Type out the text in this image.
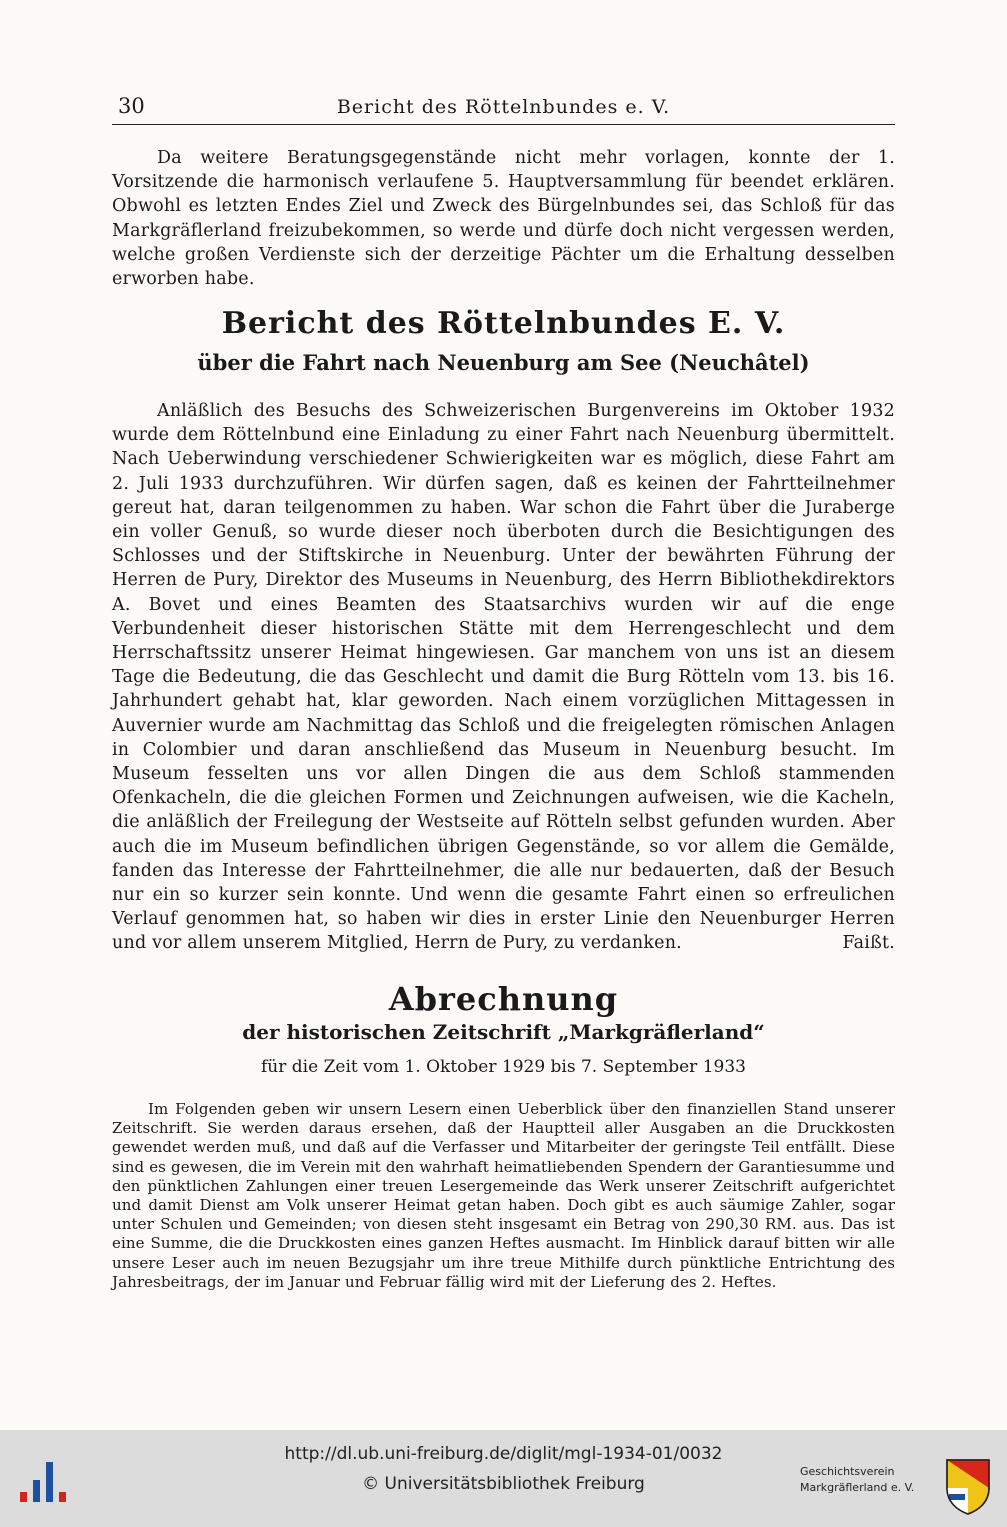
30	Bericht des Röttelnbundes e. V.

Da weitere Beratungsgegenstände nicht mehr vorlagen, konnte der 1. Vorsitzende die harmonisch verlaufene 5. Hauptversammlung für beendet erklären. Obwohl es letzten Endes Ziel und Zweck des Bürgelnbundes sei, das Schloß für das Markgräflerland freizubekommen, so werde und dürfe doch nicht vergessen werden, welche großen Verdienste sich der derzeitige Pächter um die Erhaltung desselben erworben habe.

Bericht des Röttelnbundes E. V.
über die Fahrt nach Neuenburg am See (Neuchâtel)

Anläßlich des Besuchs des Schweizerischen Burgenvereins im Oktober 1932 wurde dem Röttelnbund eine Einladung zu einer Fahrt nach Neuenburg übermittelt. Nach Ueberwindung verschiedener Schwierigkeiten war es möglich, diese Fahrt am 2. Juli 1933 durchzuführen. Wir dürfen sagen, daß es keinen der Fahrtteilnehmer gereut hat, daran teilgenommen zu haben. War schon die Fahrt über die Juraberge ein voller Genuß, so wurde dieser noch überboten durch die Besichtigungen des Schlosses und der Stiftskirche in Neuenburg. Unter der bewährten Führung der Herren de Pury, Direktor des Museums in Neuenburg, des Herrn Bibliothekdirektors A. Bovet und eines Beamten des Staatsarchivs wurden wir auf die enge Verbundenheit dieser historischen Stätte mit dem Herrengeschlecht und dem Herrschaftssitz unserer Heimat hingewiesen. Gar manchem von uns ist an diesem Tage die Bedeutung, die das Geschlecht und damit die Burg Rötteln vom 13. bis 16. Jahrhundert gehabt hat, klar geworden. Nach einem vorzüglichen Mittagessen in Auvernier wurde am Nachmittag das Schloß und die freigelegten römischen Anlagen in Colombier und daran anschließend das Museum in Neuenburg besucht. Im Museum fesselten uns vor allen Dingen die aus dem Schloß stammenden Ofenkacheln, die die gleichen Formen und Zeichnungen aufweisen, wie die Kacheln, die anläßlich der Freilegung der Westseite auf Rötteln selbst gefunden wurden. Aber auch die im Museum befindlichen übrigen Gegenstände, so vor allem die Gemälde, fanden das Interesse der Fahrtteilnehmer, die alle nur bedauerten, daß der Besuch nur ein so kurzer sein konnte. Und wenn die gesamte Fahrt einen so erfreulichen Verlauf genommen hat, so haben wir dies in erster Linie den Neuenburger Herren und vor allem unserem Mitglied, Herrn de Pury, zu verdanken.	Faißt.

Abrechnung
der historischen Zeitschrift „Markgräflerland“
für die Zeit vom 1. Oktober 1929 bis 7. September 1933

Im Folgenden geben wir unsern Lesern einen Ueberblick über den finanziellen Stand unserer Zeitschrift. Sie werden daraus ersehen, daß der Hauptteil aller Ausgaben an die Druckkosten gewendet werden muß, und daß auf die Verfasser und Mitarbeiter der geringste Teil entfällt. Diese sind es gewesen, die im Verein mit den wahrhaft heimatliebenden Spendern der Garantiesumme und den pünktlichen Zahlungen einer treuen Lesergemeinde das Werk unserer Zeitschrift aufgerichtet und damit Dienst am Volk unserer Heimat getan haben. Doch gibt es auch säumige Zahler, sogar unter Schulen und Gemeinden; von diesen steht insgesamt ein Betrag von 290,30 RM. aus. Das ist eine Summe, die die Druckkosten eines ganzen Heftes ausmacht. Im Hinblick darauf bitten wir alle unsere Leser auch im neuen Bezugsjahr um ihre treue Mithilfe durch pünktliche Entrichtung des Jahresbeitrags, der im Januar und Februar fällig wird mit der Lieferung des 2. Heftes.

http://dl.ub.uni-freiburg.de/diglit/mgl-1934-01/0032
© Universitätsbibliothek Freiburg
Geschichtsverein
Markgräflerland e. V.
